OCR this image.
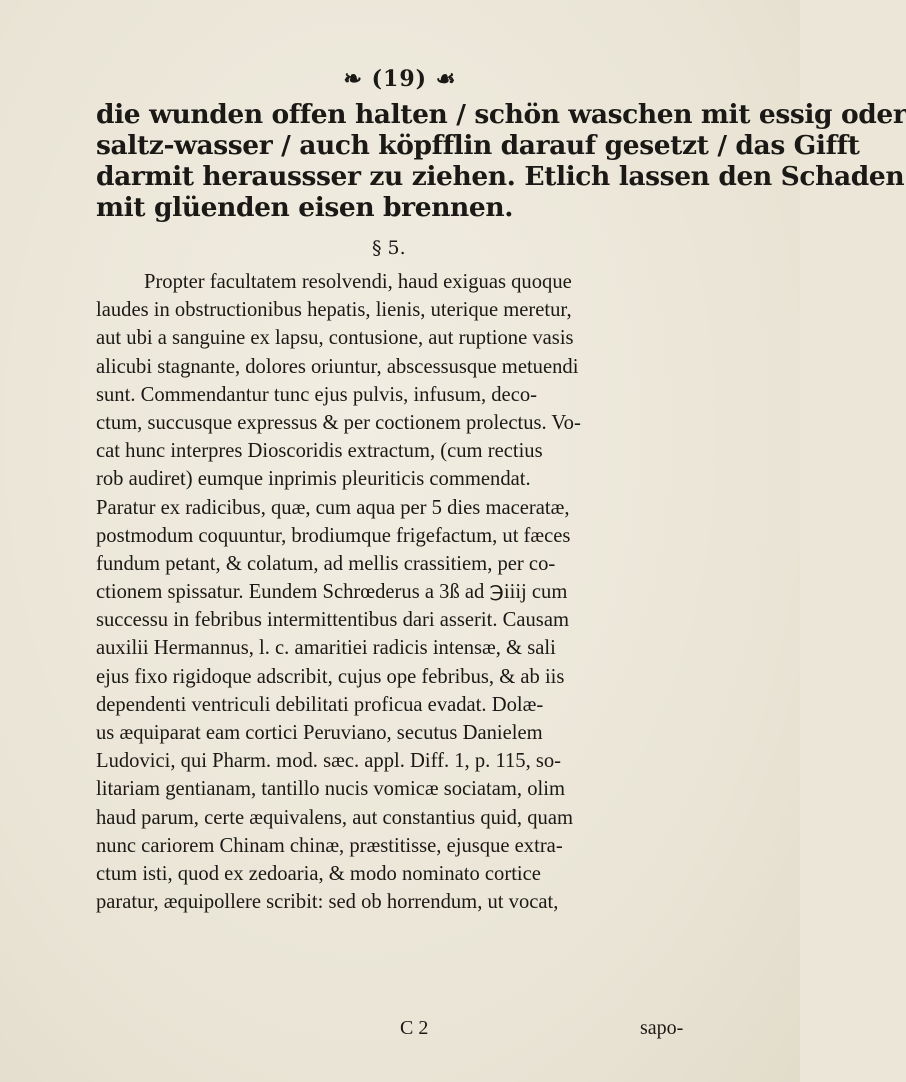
❧ (19) ☙
die wunden offen halten / schön waschen mit essig oder
saltz-wasser / auch köpfflin darauf gesetzt / das Gifft
darmit heraussser zu ziehen. Etlich lassen den Schaden
mit glüenden eisen brennen.
§ 5.
Propter facultatem resolvendi, haud exiguas quoque
laudes in obstructionibus hepatis, lienis, uterique meretur,
aut ubi a sanguine ex lapsu, contusione, aut ruptione vasis
alicubi stagnante, dolores oriuntur, abscessusque metuendi
sunt. Commendantur tunc ejus pulvis, infusum, deco-
ctum, succusque expressus & per coctionem prolectus. Vo-
cat hunc interpres Dioscoridis extractum, (cum rectius
rob audiret) eumque inprimis pleuriticis commendat.
Paratur ex radicibus, quæ, cum aqua per 5 dies maceratæ,
postmodum coquuntur, brodiumque frigefactum, ut fæces
fundum petant, & colatum, ad mellis crassitiem, per co-
ctionem spissatur. Eundem Schrœderus a 3ß ad ℈iiij cum
successu in febribus intermittentibus dari asserit. Causam
auxilii Hermannus, l. c. amaritiei radicis intensæ, & sali
ejus fixo rigidoque adscribit, cujus ope febribus, & ab iis
dependenti ventriculi debilitati proficua evadat. Dolæ-
us æquiparat eam cortici Peruviano, secutus Danielem
Ludovici, qui Pharm. mod. sæc. appl. Diff. 1, p. 115, so-
litariam gentianam, tantillo nucis vomicæ sociatam, olim
haud parum, certe æquivalens, aut constantius quid, quam
nunc cariorem Chinam chinæ, præstitisse, ejusque extra-
ctum isti, quod ex zedoaria, & modo nominato cortice
paratur, æquipollere scribit: sed ob horrendum, ut vocat,
C 2	sapo-
